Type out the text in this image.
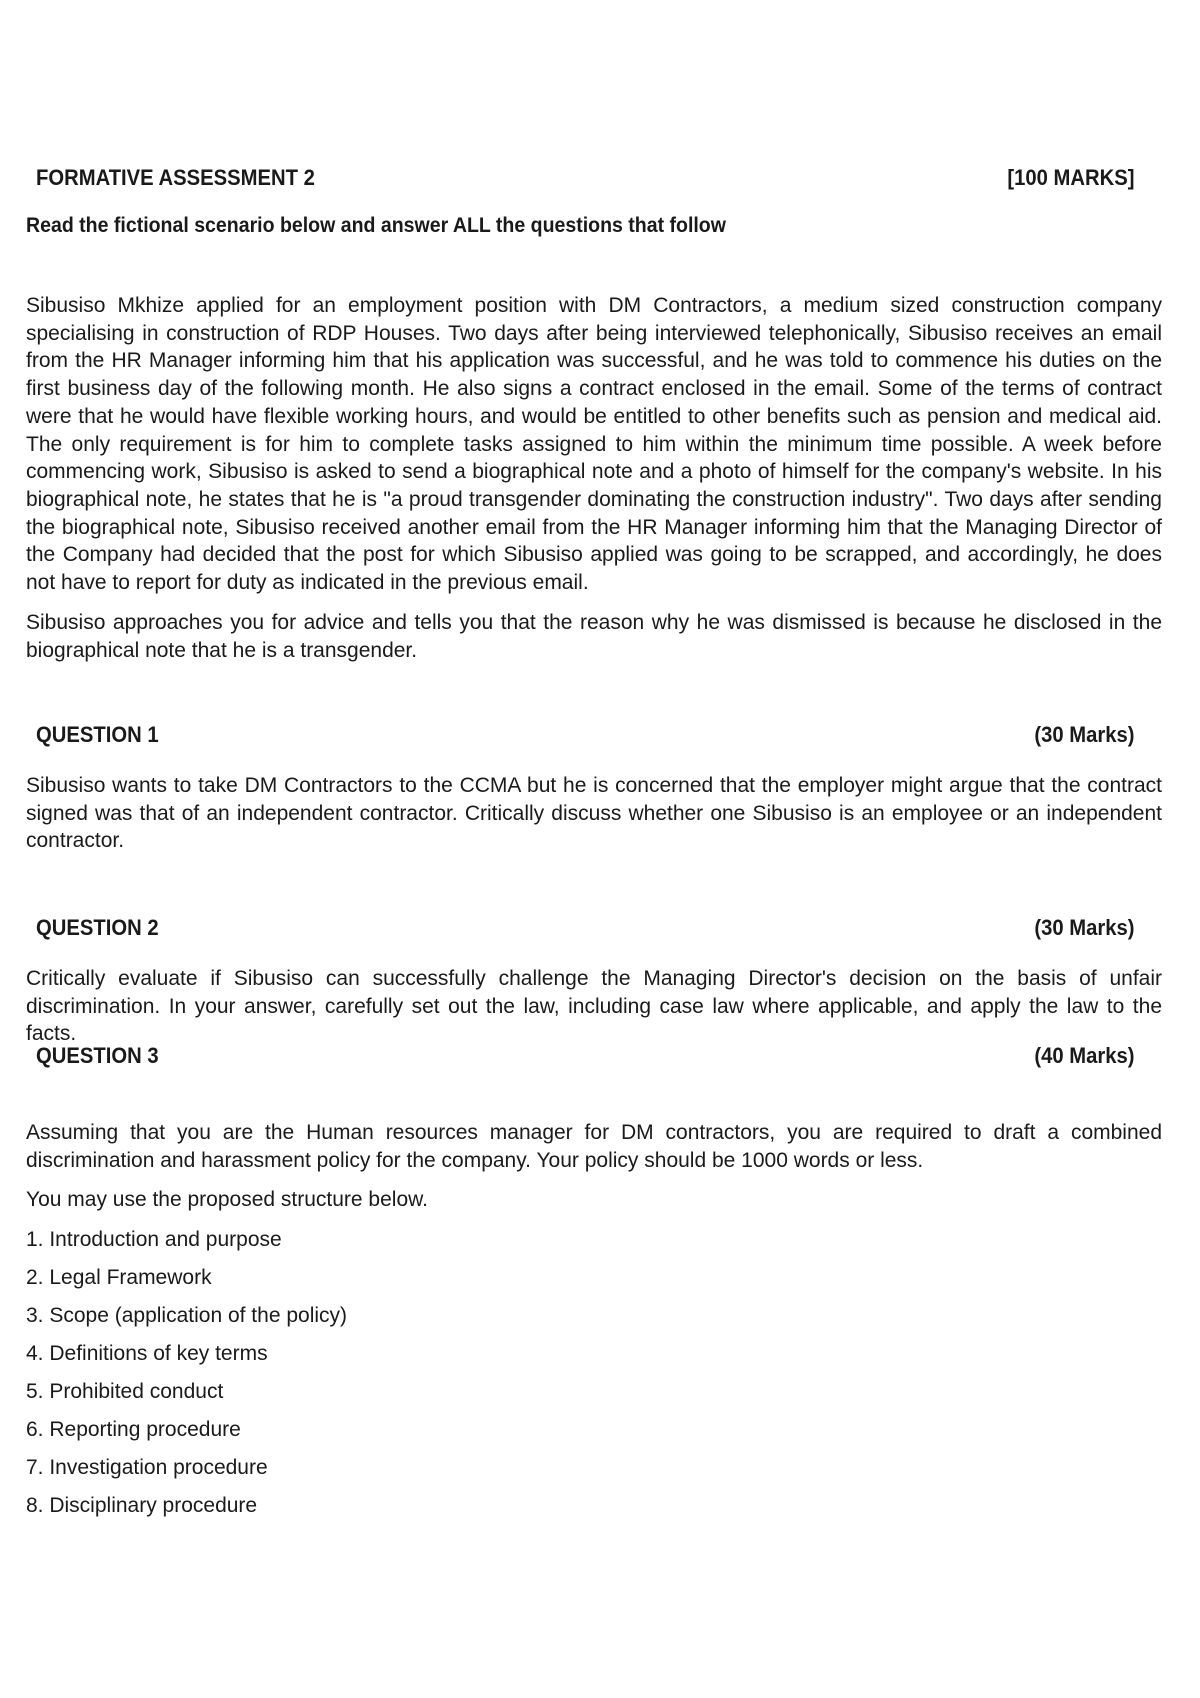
FORMATIVE ASSESSMENT 2	[100 MARKS]
Read the fictional scenario below and answer ALL the questions that follow

Sibusiso Mkhize applied for an employment position with DM Contractors, a medium sized construction company specialising in construction of RDP Houses. Two days after being interviewed telephonically, Sibusiso receives an email from the HR Manager informing him that his application was successful, and he was told to commence his duties on the first business day of the following month. He also signs a contract enclosed in the email. Some of the terms of contract were that he would have flexible working hours, and would be entitled to other benefits such as pension and medical aid. The only requirement is for him to complete tasks assigned to him within the minimum time possible. A week before commencing work, Sibusiso is asked to send a biographical note and a photo of himself for the company's website. In his biographical note, he states that he is "a proud transgender dominating the construction industry". Two days after sending the biographical note, Sibusiso received another email from the HR Manager informing him that the Managing Director of the Company had decided that the post for which Sibusiso applied was going to be scrapped, and accordingly, he does not have to report for duty as indicated in the previous email.

Sibusiso approaches you for advice and tells you that the reason why he was dismissed is because he disclosed in the biographical note that he is a transgender.

QUESTION 1	(30 Marks)

Sibusiso wants to take DM Contractors to the CCMA but he is concerned that the employer might argue that the contract signed was that of an independent contractor. Critically discuss whether one Sibusiso is an employee or an independent contractor.

QUESTION 2	(30 Marks)

Critically evaluate if Sibusiso can successfully challenge the Managing Director's decision on the basis of unfair discrimination. In your answer, carefully set out the law, including case law where applicable, and apply the law to the facts.

QUESTION 3	(40 Marks)

Assuming that you are the Human resources manager for DM contractors, you are required to draft a combined discrimination and harassment policy for the company. Your policy should be 1000 words or less.

You may use the proposed structure below.
1. Introduction and purpose
2. Legal Framework
3. Scope (application of the policy)
4. Definitions of key terms
5. Prohibited conduct
6. Reporting procedure
7. Investigation procedure
8. Disciplinary procedure
